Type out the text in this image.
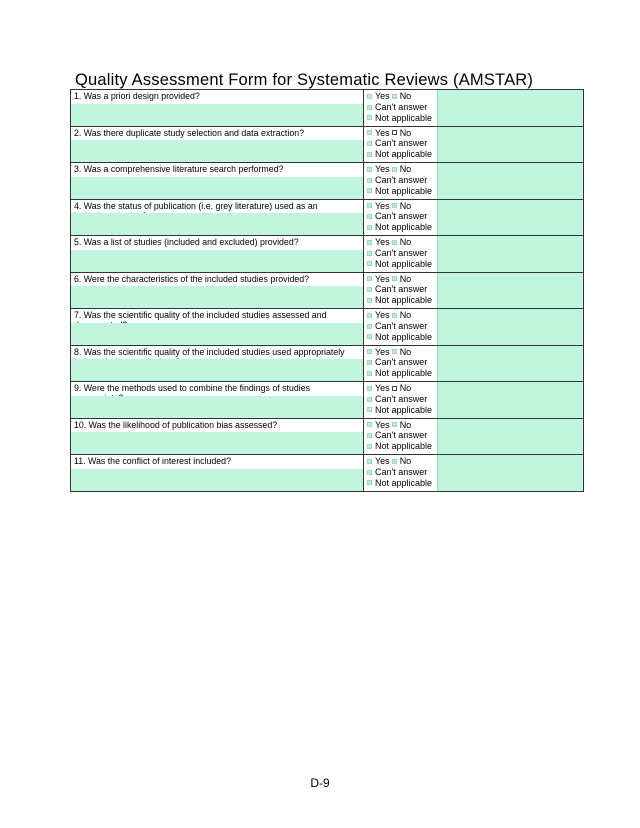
Quality Assessment Form for Systematic Reviews (AMSTAR)
1. Was a priori design provided?	Yes No
Can't answer
Not applicable
2. Was there duplicate study selection and data extraction?	Yes No
Can't answer
Not applicable
3. Was a comprehensive literature search performed?	Yes No
Can't answer
Not applicable
4. Was the status of publication (i.e. grey literature) used as an	Yes No
Can't answer
Not applicable
5. Was a list of studies (included and excluded) provided?	Yes No
Can't answer
Not applicable
6. Were the characteristics of the included studies provided?	Yes No
Can't answer
Not applicable
7. Was the scientific quality of the included studies assessed and	Yes No
Can't answer
Not applicable
8. Was the scientific quality of the included studies used appropriately	Yes No
Can't answer
Not applicable
9. Were the methods used to combine the findings of studies	Yes No
Can't answer
Not applicable
10. Was the likelihood of publication bias assessed?	Yes No
Can't answer
Not applicable
11. Was the conflict of interest included?	Yes No
Can't answer
Not applicable
D-9
